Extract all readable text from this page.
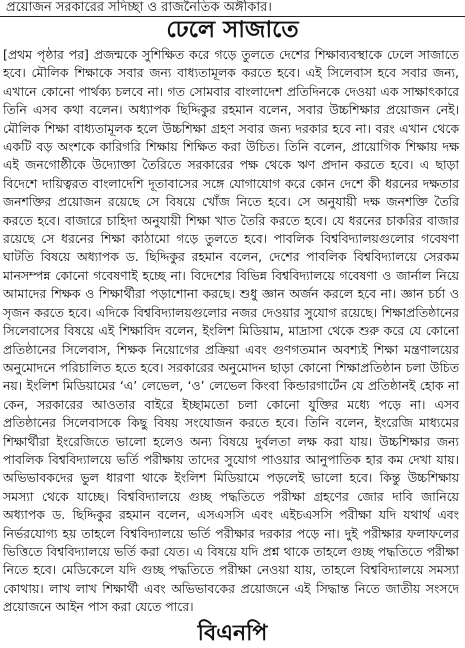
প্রয়োজন সরকারের সদিচ্ছা ও রাজনৈতিক অঙ্গীকার।
ঢেলে সাজাতে

[প্রথম পৃষ্ঠার পর] প্রজন্মকে সুশিক্ষিত করে গড়ে তুলতে দেশের শিক্ষাব্যবস্থাকে ঢেলে সাজাতে হবে। মৌলিক শিক্ষাকে সবার জন্য বাধ্যতামূলক করতে হবে। এই সিলেবাস হবে সবার জন্য, এখানে কোনো পার্থক্য চলবে না। গত সোমবার বাংলাদেশ প্রতিদিনকে দেওয়া এক সাক্ষাৎকারে তিনি এসব কথা বলেন। অধ্যাপক ছিদ্দিকুর রহমান বলেন, সবার উচ্চশিক্ষার প্রয়োজন নেই। মৌলিক শিক্ষা বাধ্যতামূলক হলে উচ্চশিক্ষা গ্রহণ সবার জন্য দরকার হবে না। বরং এখান থেকে একটি বড় অংশকে কারিগরি শিক্ষায় শিক্ষিত করা উচিত। তিনি বলেন, প্রায়োগিক শিক্ষায় দক্ষ এই জনগোষ্ঠীকে উদ্যোক্তা তৈরিতে সরকারের পক্ষ থেকে ঋণ প্রদান করতে হবে। এ ছাড়া বিদেশে দায়িত্বরত বাংলাদেশি দূতাবাসের সঙ্গে যোগাযোগ করে কোন দেশে কী ধরনের দক্ষতার জনশক্তির প্রয়োজন রয়েছে সে বিষয়ে খোঁজ নিতে হবে। সে অনুযায়ী দক্ষ জনশক্তি তৈরি করতে হবে। বাজারে চাহিদা অনুযায়ী শিক্ষা খাত তৈরি করতে হবে। যে ধরনের চাকরির বাজার রয়েছে সে ধরনের শিক্ষা কাঠামো গড়ে তুলতে হবে। পাবলিক বিশ্ববিদ্যালয়গুলোর গবেষণা ঘাটতি বিষয়ে অধ্যাপক ড. ছিদ্দিকুর রহমান বলেন, দেশের পাবলিক বিশ্ববিদ্যালয়ে সেরকম মানসম্পন্ন কোনো গবেষণাই হচ্ছে না। বিদেশের বিভিন্ন বিশ্ববিদ্যালয়ে গবেষণা ও জার্নাল নিয়ে আমাদের শিক্ষক ও শিক্ষার্থীরা পড়াশোনা করছে। শুধু জ্ঞান অর্জন করলে হবে না। জ্ঞান চর্চা ও সৃজন করতে হবে। এদিকে বিশ্ববিদ্যালয়গুলোর নজর দেওয়ার সুযোগ রয়েছে। শিক্ষাপ্রতিষ্ঠানের সিলেবাসের বিষয়ে এই শিক্ষাবিদ বলেন, ইংলিশ মিডিয়াম, মাদ্রাসা থেকে শুরু করে যে কোনো প্রতিষ্ঠানের সিলেবাস, শিক্ষক নিয়োগের প্রক্রিয়া এবং গুণগতমান অবশ্যই শিক্ষা মন্ত্রণালয়ের অনুমোদনে পরিচালিত হতে হবে। সরকারের অনুমোদন ছাড়া কোনো শিক্ষাপ্রতিষ্ঠান চলা উচিত নয়। ইংলিশ মিডিয়ামের ‘এ’ লেভেল, ‘ও’ লেভেল কিংবা কিন্ডারগার্টেন যে প্রতিষ্ঠানই হোক না কেন, সরকারের আওতার বাইরে ইচ্ছামতো চলা কোনো যুক্তির মধ্যে পড়ে না। এসব প্রতিষ্ঠানের সিলেবাসকে কিছু বিষয় সংযোজন করতে হবে। তিনি বলেন, ইংরেজি মাধ্যমের শিক্ষার্থীরা ইংরেজিতে ভালো হলেও অন্য বিষয়ে দুর্বলতা লক্ষ করা যায়। উচ্চশিক্ষার জন্য পাবলিক বিশ্ববিদ্যালয়ে ভর্তি পরীক্ষায় তাদের সুযোগ পাওয়ার আনুপাতিক হার কম দেখা যায়। অভিভাবকদের ভুল ধারণা থাকে ইংলিশ মিডিয়ামে পড়লেই ভালো হবে। কিন্তু উচ্চশিক্ষায় সমস্যা থেকে যাচ্ছে। বিশ্ববিদ্যালয়ে গুচ্ছ পদ্ধতিতে পরীক্ষা গ্রহণের জোর দাবি জানিয়ে অধ্যাপক ড. ছিদ্দিকুর রহমান বলেন, এসএসসি এবং এইচএসসি পরীক্ষা যদি যথার্থ এবং নির্ভরযোগ্য হয় তাহলে বিশ্ববিদ্যালয়ে ভর্তি পরীক্ষার দরকার পড়ে না। দুই পরীক্ষার ফলাফলের ভিত্তিতে বিশ্ববিদ্যালয়ে ভর্তি করা যেত। এ বিষয়ে যদি প্রশ্ন থাকে তাহলে গুচ্ছ পদ্ধতিতে পরীক্ষা নিতে হবে। মেডিকেলে যদি গুচ্ছ পদ্ধতিতে পরীক্ষা নেওয়া যায়, তাহলে বিশ্ববিদ্যালয়ে সমস্যা কোথায়। লাখ লাখ শিক্ষার্থী এবং অভিভাবকের প্রয়োজনে এই সিদ্ধান্ত নিতে জাতীয় সংসদে প্রয়োজনে আইন পাস করা যেতে পারে।

বিএনপি
